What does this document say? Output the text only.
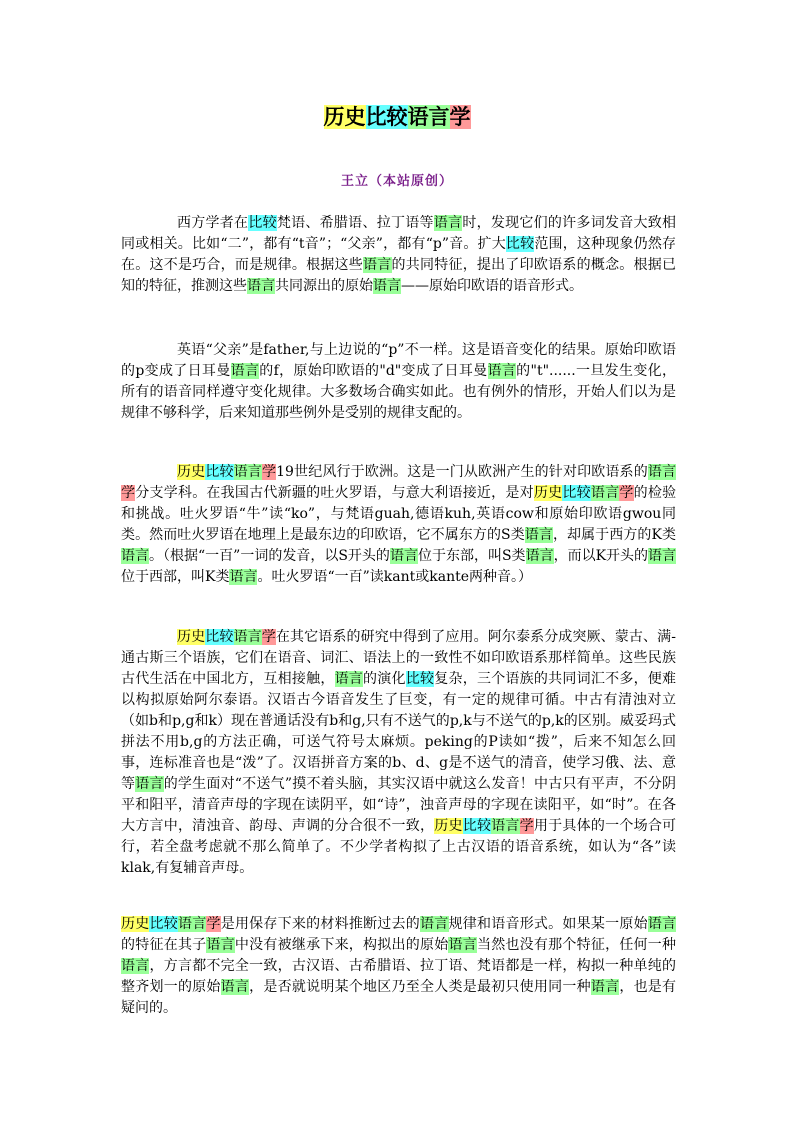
历史比较语言学
王立（本站原创）
西方学者在比较梵语、希腊语、拉丁语等语言时，发现它们的许多词发音大致相同或相关。比如“二”，都有“t音”；“父亲”，都有“p”音。扩大比较范围，这种现象仍然存在。这不是巧合，而是规律。根据这些语言的共同特征，提出了印欧语系的概念。根据已知的特征，推测这些语言共同源出的原始语言——原始印欧语的语音形式。
英语“父亲”是father,与上边说的“p”不一样。这是语音变化的结果。原始印欧语的p变成了日耳曼语言的f，原始印欧语的"d"变成了日耳曼语言的"t"......一旦发生变化，所有的语音同样遵守变化规律。大多数场合确实如此。也有例外的情形，开始人们以为是规律不够科学，后来知道那些例外是受别的规律支配的。
历史比较语言学19世纪风行于欧洲。这是一门从欧洲产生的针对印欧语系的语言学分支学科。在我国古代新疆的吐火罗语，与意大利语接近，是对历史比较语言学的检验和挑战。吐火罗语“牛”读“ko”，与梵语guah,德语kuh,英语cow和原始印欧语gwou同类。然而吐火罗语在地理上是最东边的印欧语，它不属东方的S类语言，却属于西方的K类语言。（根据“一百”一词的发音，以S开头的语言位于东部，叫S类语言，而以K开头的语言位于西部，叫K类语言。吐火罗语“一百”读kant或kante两种音。）
历史比较语言学在其它语系的研究中得到了应用。阿尔泰系分成突厥、蒙古、满-通古斯三个语族，它们在语音、词汇、语法上的一致性不如印欧语系那样简单。这些民族古代生活在中国北方，互相接触，语言的演化比较复杂，三个语族的共同词汇不多，便难以构拟原始阿尔泰语。汉语古今语音发生了巨变，有一定的规律可循。中古有清浊对立（如b和p,g和k）现在普通话没有b和g,只有不送气的p,k与不送气的p,k的区别。威妥玛式拼法不用b,g的方法正确，可送气符号太麻烦。peking的P读如“拨”，后来不知怎么回事，连标准音也是“泼”了。汉语拼音方案的b、d、g是不送气的清音，使学习俄、法、意等语言的学生面对“不送气”摸不着头脑，其实汉语中就这么发音！中古只有平声，不分阴平和阳平，清音声母的字现在读阴平，如“诗”，浊音声母的字现在读阳平，如“时”。在各大方言中，清浊音、韵母、声调的分合很不一致，历史比较语言学用于具体的一个场合可行，若全盘考虑就不那么简单了。不少学者构拟了上古汉语的语音系统，如认为“各”读klak,有复辅音声母。
历史比较语言学是用保存下来的材料推断过去的语言规律和语音形式。如果某一原始语言的特征在其子语言中没有被继承下来，构拟出的原始语言当然也没有那个特征，任何一种语言，方言都不完全一致，古汉语、古希腊语、拉丁语、梵语都是一样，构拟一种单纯的整齐划一的原始语言，是否就说明某个地区乃至全人类是最初只使用同一种语言，也是有疑问的。
